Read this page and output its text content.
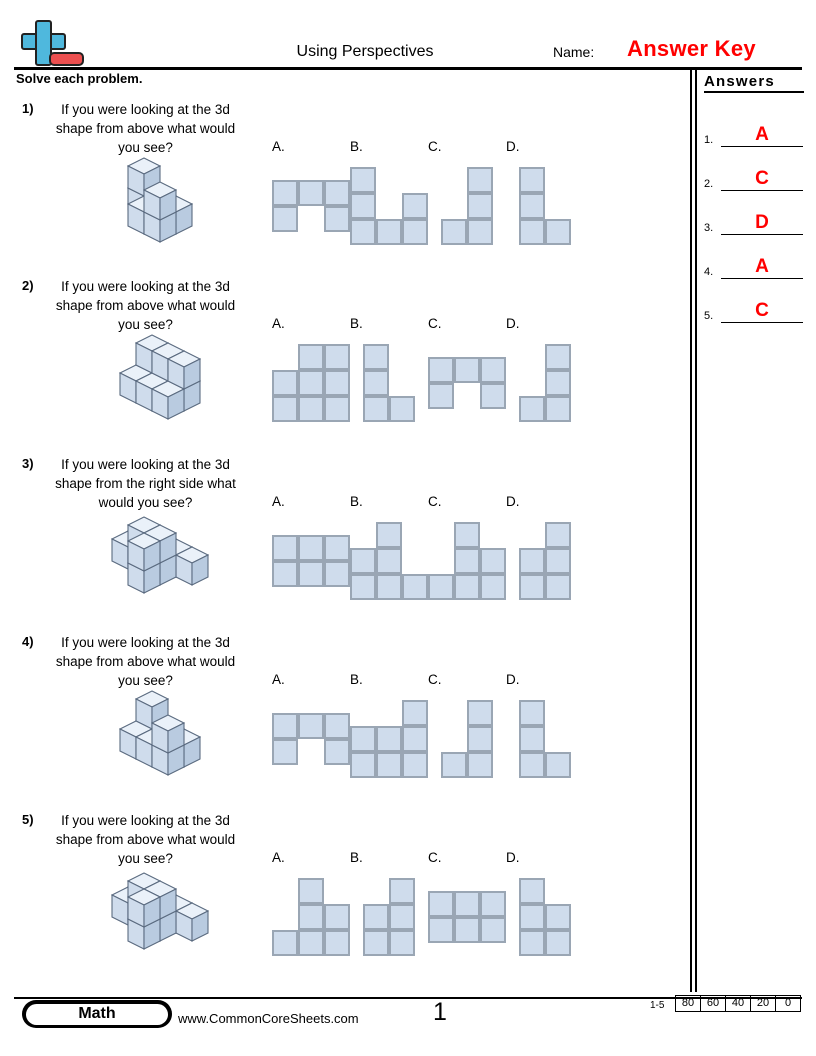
Using Perspectives	Name: Answer Key
Solve each problem.	Answers
1.	A
2.	C
3.	D
4.	A
5.	C
1)	If you were looking at the 3d shape from above what would you see?	A.	B.	C.	D.
2)	If you were looking at the 3d shape from above what would you see?	A.	B.	C.	D.
3)	If you were looking at the 3d shape from the right side what would you see?	A.	B.	C.	D.
4)	If you were looking at the 3d shape from above what would you see?	A.	B.	C.	D.
5)	If you were looking at the 3d shape from above what would you see?	A.	B.	C.	D.
Math	www.CommonCoreSheets.com	1	1-5	80	60	40	20	0
